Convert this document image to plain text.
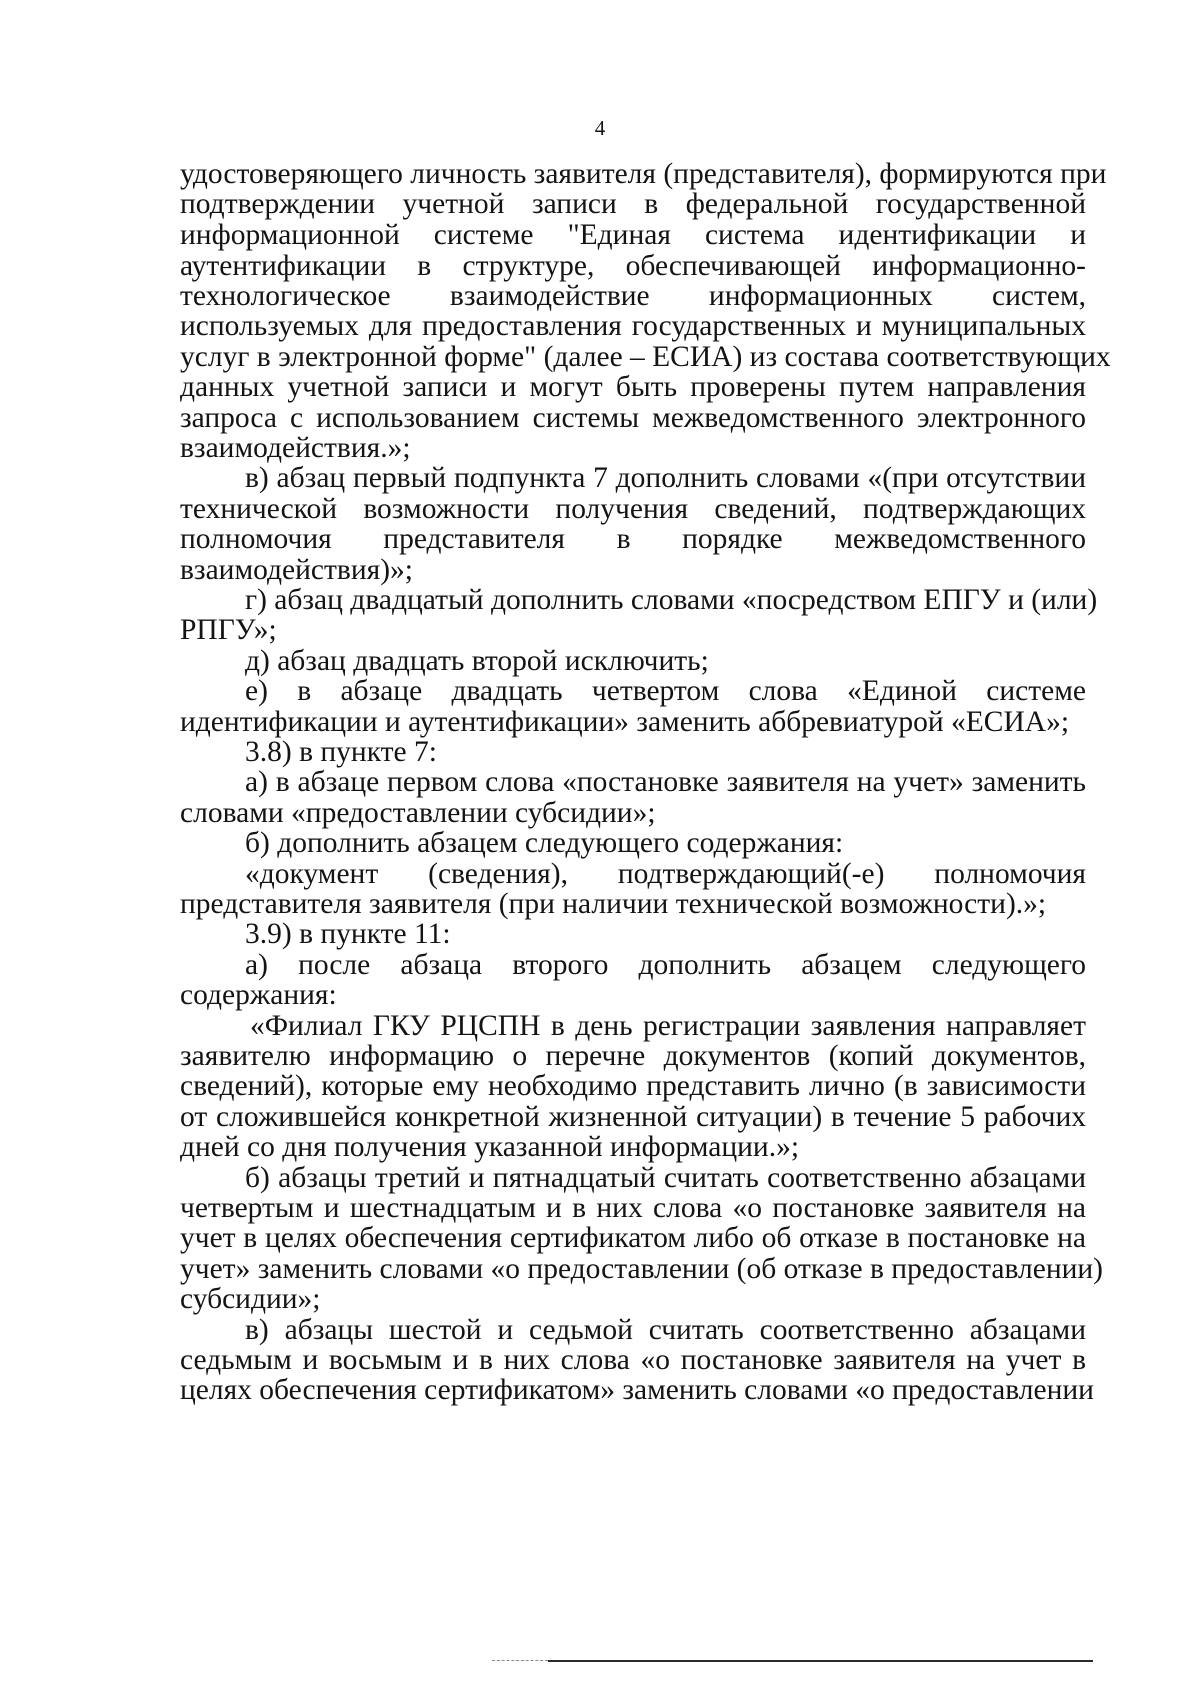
4
удостоверяющего личность заявителя (представителя), формируются при
подтверждении учетной записи в федеральной государственной
информационной системе "Единая система идентификации и
аутентификации в структуре, обеспечивающей информационно-
технологическое взаимодействие информационных систем,
используемых для предоставления государственных и муниципальных
услуг в электронной форме" (далее – ЕСИА) из состава соответствующих
данных учетной записи и могут быть проверены путем направления
запроса с использованием системы межведомственного электронного
взаимодействия.»;
в) абзац первый подпункта 7 дополнить словами «(при отсутствии
технической возможности получения сведений, подтверждающих
полномочия представителя в порядке межведомственного
взаимодействия)»;
г) абзац двадцатый дополнить словами «посредством ЕПГУ и (или)
РПГУ»;
д) абзац двадцать второй исключить;
е) в абзаце двадцать четвертом слова «Единой системе
идентификации и аутентификации» заменить аббревиатурой «ЕСИА»;
3.8) в пункте 7:
а) в абзаце первом слова «постановке заявителя на учет» заменить
словами «предоставлении субсидии»;
б) дополнить абзацем следующего содержания:
«документ (сведения), подтверждающий(-е) полномочия
представителя заявителя (при наличии технической возможности).»;
3.9) в пункте 11:
а) после абзаца второго дополнить абзацем следующего
содержания:
«Филиал ГКУ РЦСПН в день регистрации заявления направляет
заявителю информацию о перечне документов (копий документов,
сведений), которые ему необходимо представить лично (в зависимости
от сложившейся конкретной жизненной ситуации) в течение 5 рабочих
дней со дня получения указанной информации.»;
б) абзацы третий и пятнадцатый считать соответственно абзацами
четвертым и шестнадцатым и в них слова «о постановке заявителя на
учет в целях обеспечения сертификатом либо об отказе в постановке на
учет» заменить словами «о предоставлении (об отказе в предоставлении)
субсидии»;
в) абзацы шестой и седьмой считать соответственно абзацами
седьмым и восьмым и в них слова «о постановке заявителя на учет в
целях обеспечения сертификатом» заменить словами «о предоставлении
